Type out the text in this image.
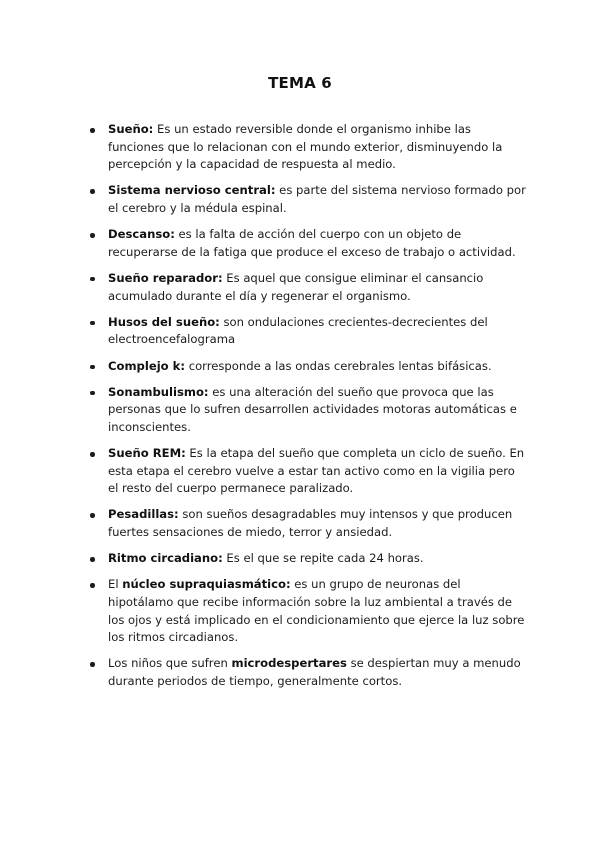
TEMA 6
Sueño: Es un estado reversible donde el organismo inhibe las funciones que lo relacionan con el mundo exterior, disminuyendo la percepción y la capacidad de respuesta al medio.
Sistema nervioso central: es parte del sistema nervioso formado por el cerebro y la médula espinal.
Descanso: es la falta de acción del cuerpo con un objeto de recuperarse de la fatiga que produce el exceso de trabajo o actividad.
Sueño reparador: Es aquel que consigue eliminar el cansancio acumulado durante el día y regenerar el organismo.
Husos del sueño: son ondulaciones crecientes-decrecientes del electroencefalograma
Complejo k: corresponde a las ondas cerebrales lentas bifásicas.
Sonambulismo: es una alteración del sueño que provoca que las personas que lo sufren desarrollen actividades motoras automáticas e inconscientes.
Sueño REM: Es la etapa del sueño que completa un ciclo de sueño. En esta etapa el cerebro vuelve a estar tan activo como en la vigilia pero el resto del cuerpo permanece paralizado.
Pesadillas: son sueños desagradables muy intensos y que producen fuertes sensaciones de miedo, terror y ansiedad.
Ritmo circadiano: Es el que se repite cada 24 horas.
El núcleo supraquiasmático: es un grupo de neuronas del hipotálamo que recibe información sobre la luz ambiental a través de los ojos y está implicado en el condicionamiento que ejerce la luz sobre los ritmos circadianos.
Los niños que sufren microdespertares se despiertan muy a menudo durante periodos de tiempo, generalmente cortos.
